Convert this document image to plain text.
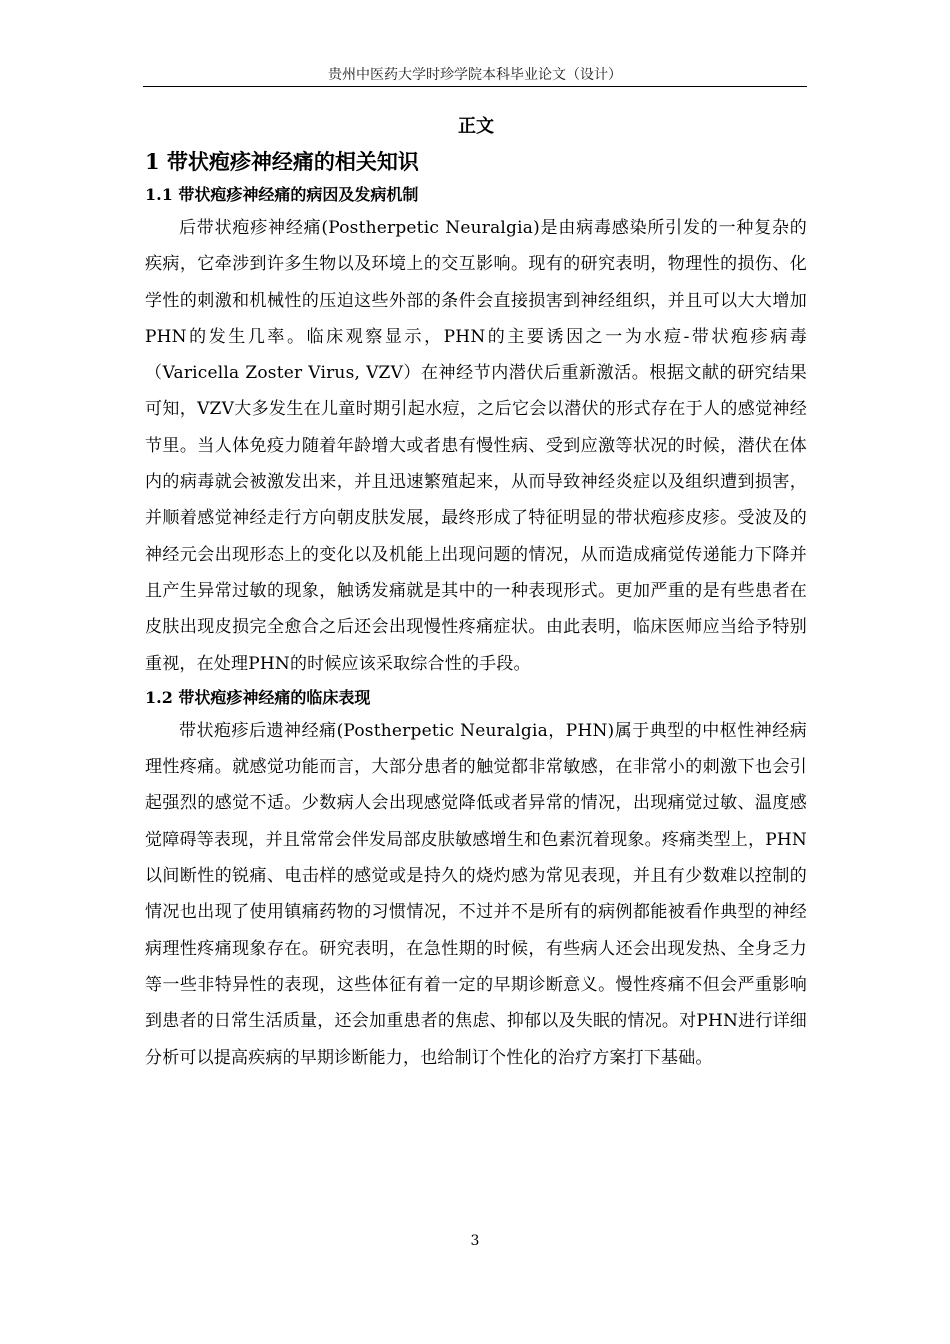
贵州中医药大学时珍学院本科毕业论文（设计）
正文
1 带状疱疹神经痛的相关知识
1.1 带状疱疹神经痛的病因及发病机制

后带状疱疹神经痛(Postherpetic Neuralgia)是由病毒感染所引发的一种复杂的疾病，它牵涉到许多生物以及环境上的交互影响。现有的研究表明，物理性的损伤、化学性的刺激和机械性的压迫这些外部的条件会直接损害到神经组织，并且可以大大增加PHN的发生几率。临床观察显示，PHN的主要诱因之一为水痘-带状疱疹病毒（Varicella Zoster Virus, VZV）在神经节内潜伏后重新激活。根据文献的研究结果可知，VZV大多发生在儿童时期引起水痘，之后它会以潜伏的形式存在于人的感觉神经节里。当人体免疫力随着年龄增大或者患有慢性病、受到应激等状况的时候，潜伏在体内的病毒就会被激发出来，并且迅速繁殖起来，从而导致神经炎症以及组织遭到损害，并顺着感觉神经走行方向朝皮肤发展，最终形成了特征明显的带状疱疹皮疹。受波及的神经元会出现形态上的变化以及机能上出现问题的情况，从而造成痛觉传递能力下降并且产生异常过敏的现象，触诱发痛就是其中的一种表现形式。更加严重的是有些患者在皮肤出现皮损完全愈合之后还会出现慢性疼痛症状。由此表明，临床医师应当给予特别重视，在处理PHN的时候应该采取综合性的手段。

1.2 带状疱疹神经痛的临床表现

带状疱疹后遗神经痛(Postherpetic Neuralgia，PHN)属于典型的中枢性神经病理性疼痛。就感觉功能而言，大部分患者的触觉都非常敏感，在非常小的刺激下也会引起强烈的感觉不适。少数病人会出现感觉降低或者异常的情况，出现痛觉过敏、温度感觉障碍等表现，并且常常会伴发局部皮肤敏感增生和色素沉着现象。疼痛类型上，PHN以间断性的锐痛、电击样的感觉或是持久的烧灼感为常见表现，并且有少数难以控制的情况也出现了使用镇痛药物的习惯情况，不过并不是所有的病例都能被看作典型的神经病理性疼痛现象存在。研究表明，在急性期的时候，有些病人还会出现发热、全身乏力等一些非特异性的表现，这些体征有着一定的早期诊断意义。慢性疼痛不但会严重影响到患者的日常生活质量，还会加重患者的焦虑、抑郁以及失眠的情况。对PHN进行详细分析可以提高疾病的早期诊断能力，也给制订个性化的治疗方案打下基础。

3
